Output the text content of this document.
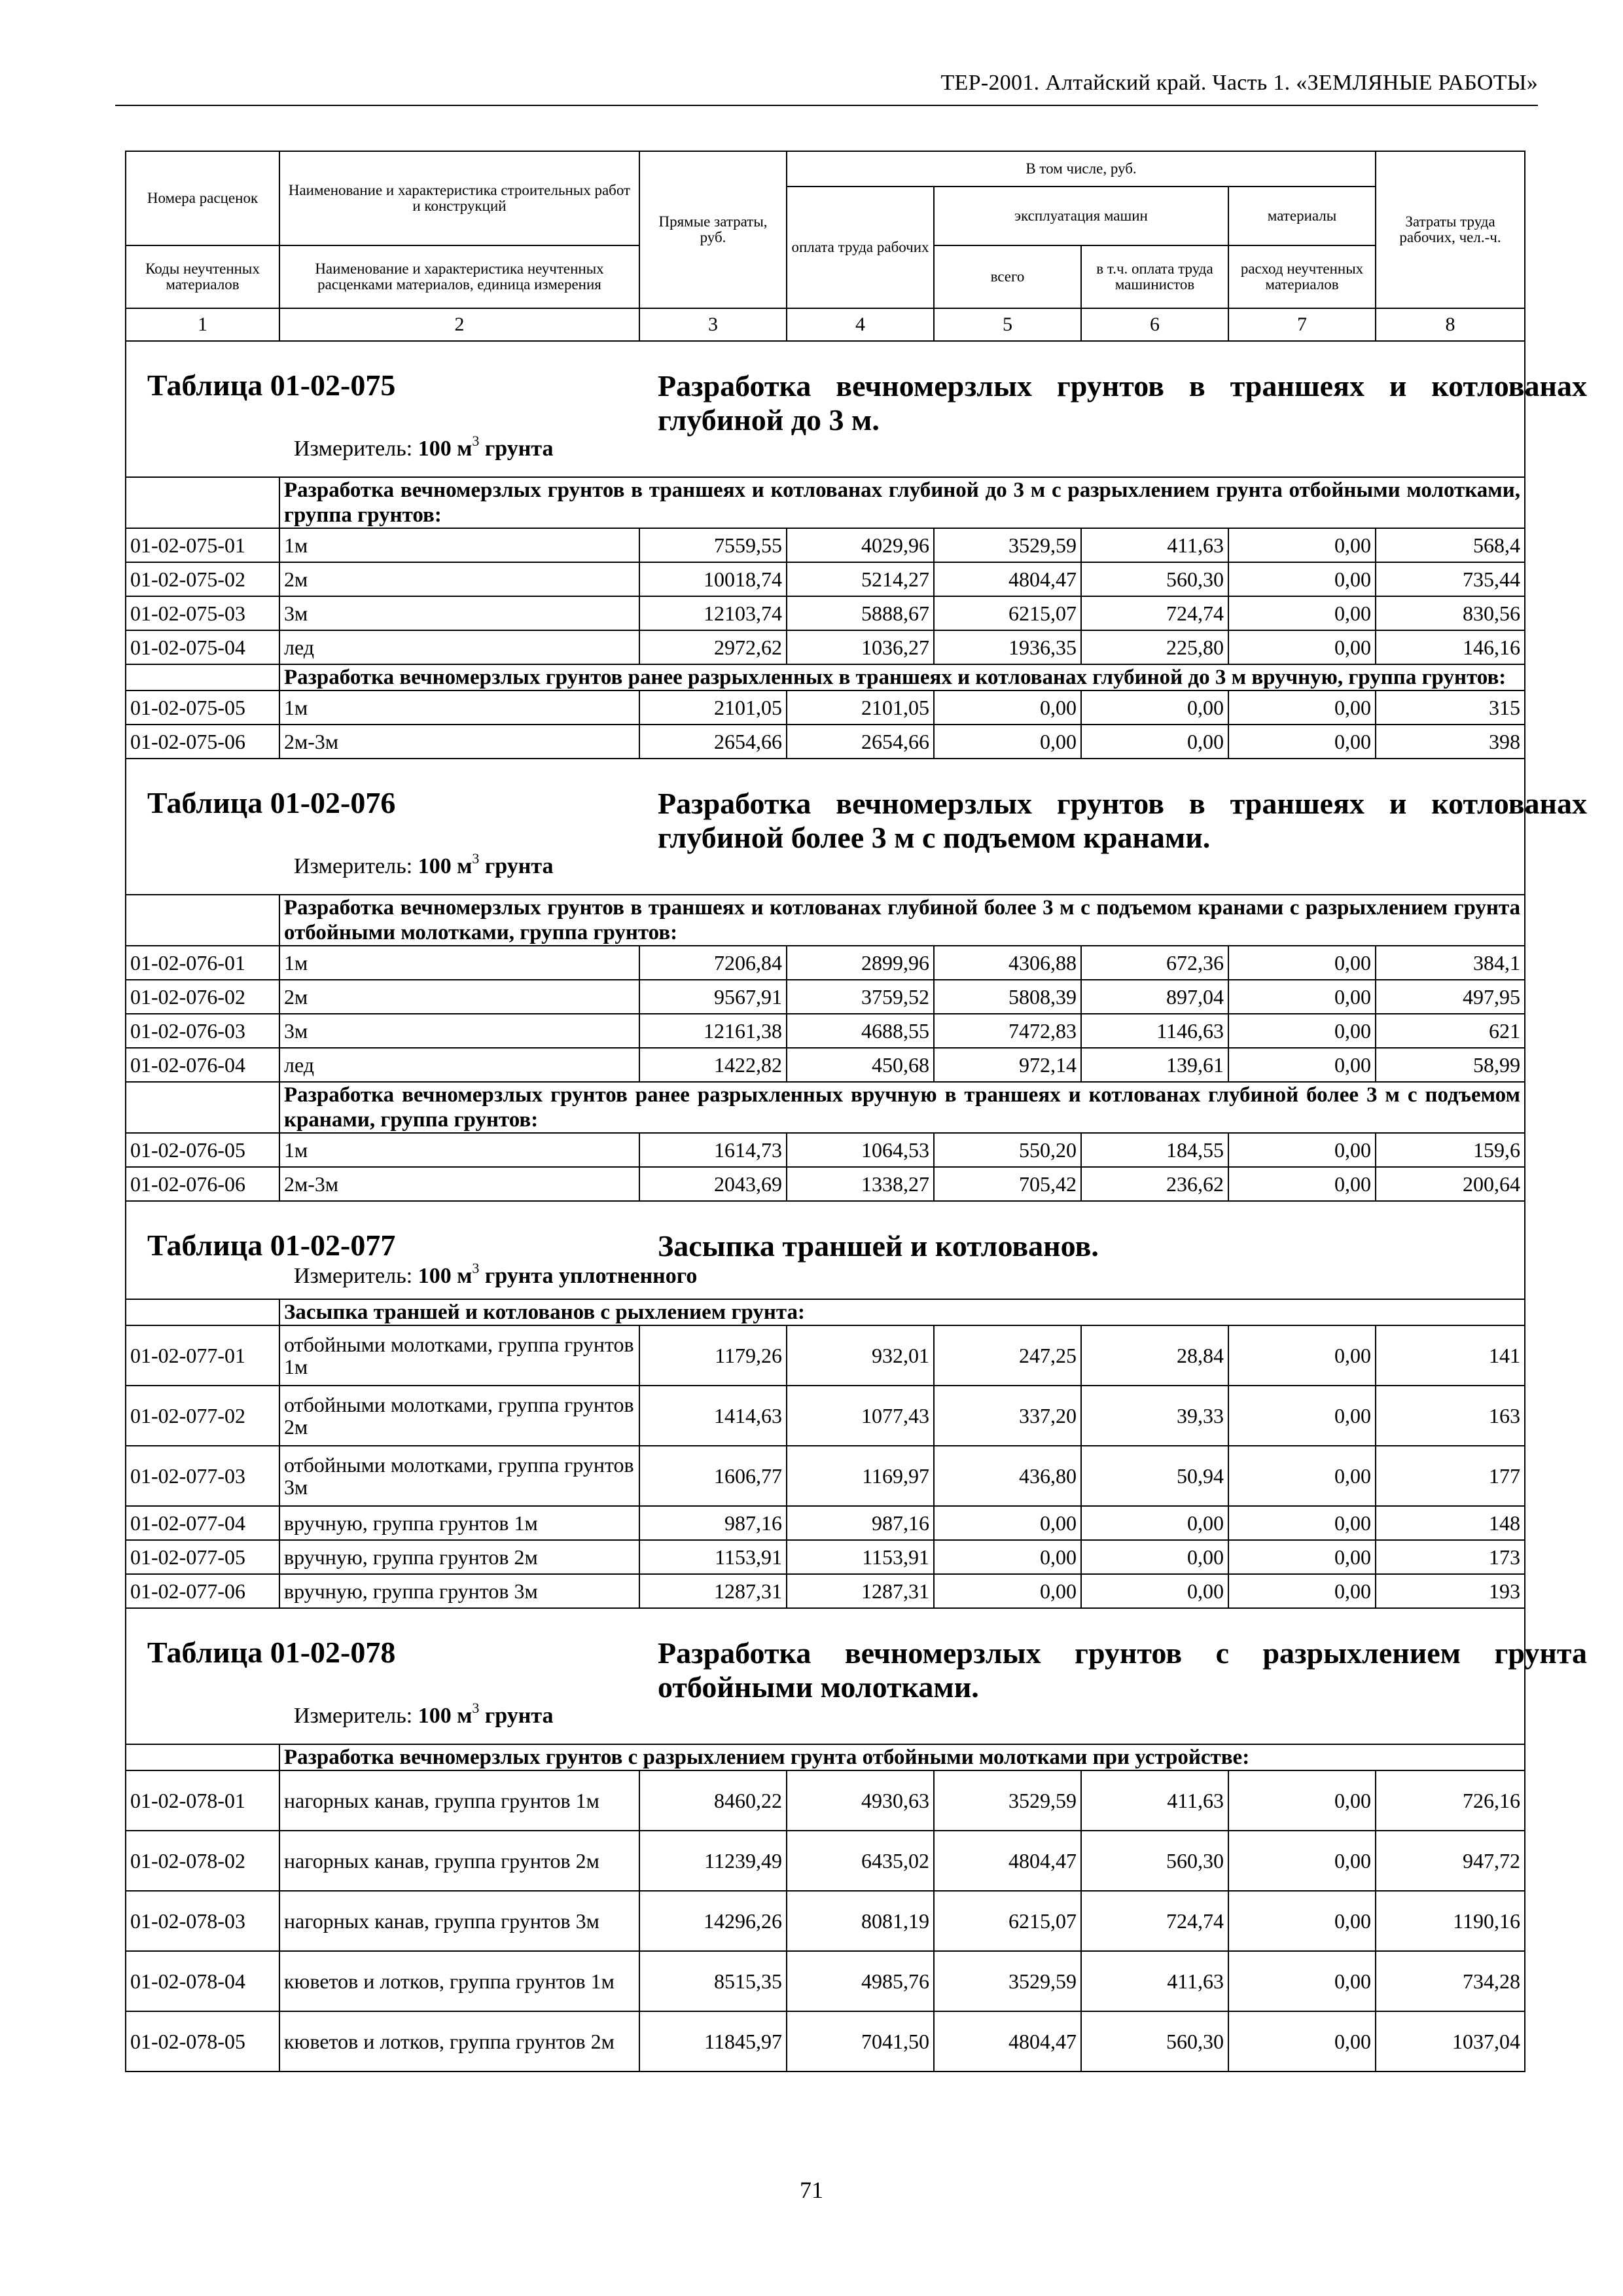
ТЕР-2001. Алтайский край. Часть 1. «ЗЕМЛЯНЫЕ РАБОТЫ»
Номера расценок	Наименование и характеристика строительных работ и конструкций	Прямые затраты, руб.	В том числе, руб.				Затраты труда рабочих, чел.-ч.
			оплата труда рабочих	эксплуатация машин		материалы	
Коды неучтенных материалов	Наименование и характеристика неучтенных расценками материалов, единица измерения			всего	в т.ч. оплата труда машинистов	расход неучтенных материалов	
1	2	3	4	5	6	7	8

Таблица 01-02-075 Разработка вечномерзлых грунтов в траншеях и котлованах глубиной до 3 м.
Измеритель: 100 $м^3$ грунта							

	Разработка вечномерзлых грунтов в траншеях и котлованах глубиной до 3 м с разрыхлением грунта отбойными молотками, группа грунтов:						
01-02-075-01	1м	7559,55	4029,96	3529,59	411,63	0,00	568,4
01-02-075-02	2м	10018,74	5214,27	4804,47	560,30	0,00	735,44
01-02-075-03	3м	12103,74	5888,67	6215,07	724,74	0,00	830,56
01-02-075-04	лед	2972,62	1036,27	1936,35	225,80	0,00	146,16
	Разработка вечномерзлых грунтов ранее разрыхленных в траншеях и котлованах глубиной до 3 м вручную, группа грунтов:						
01-02-075-05	1м	2101,05	2101,05	0,00	0,00	0,00	315
01-02-075-06	2м-3м	2654,66	2654,66	0,00	0,00	0,00	398

Таблица 01-02-076 Разработка вечномерзлых грунтов в траншеях и котлованах глубиной более 3 м с подъемом кранами.
Измеритель: 100 $м^3$ грунта							

	Разработка вечномерзлых грунтов в траншеях и котлованах глубиной более 3 м с подъемом кранами с разрыхлением грунта отбойными молотками, группа грунтов:						
01-02-076-01	1м	7206,84	2899,96	4306,88	672,36	0,00	384,1
01-02-076-02	2м	9567,91	3759,52	5808,39	897,04	0,00	497,95
01-02-076-03	3м	12161,38	4688,55	7472,83	1146,63	0,00	621
01-02-076-04	лед	1422,82	450,68	972,14	139,61	0,00	58,99
	Разработка вечномерзлых грунтов ранее разрыхленных вручную в траншеях и котлованах глубиной более 3 м с подъемом кранами, группа грунтов:						
01-02-076-05	1м	1614,73	1064,53	550,20	184,55	0,00	159,6
01-02-076-06	2м-3м	2043,69	1338,27	705,42	236,62	0,00	200,64

Таблица 01-02-077 Засыпка траншей и котлованов.
Измеритель: 100 $м^3$ грунта уплотненного							

	Засыпка траншей и котлованов с рыхлением грунта:						
01-02-077-01	отбойными молотками, группа грунтов 1м	1179,26	932,01	247,25	28,84	0,00	141
01-02-077-02	отбойными молотками, группа грунтов 2м	1414,63	1077,43	337,20	39,33	0,00	163
01-02-077-03	отбойными молотками, группа грунтов 3м	1606,77	1169,97	436,80	50,94	0,00	177
01-02-077-04	вручную, группа грунтов 1м	987,16	987,16	0,00	0,00	0,00	148
01-02-077-05	вручную, группа грунтов 2м	1153,91	1153,91	0,00	0,00	0,00	173
01-02-077-06	вручную, группа грунтов 3м	1287,31	1287,31	0,00	0,00	0,00	193

Таблица 01-02-078 Разработка вечномерзлых грунтов с разрыхлением грунта отбойными молотками.
Измеритель: 100 $м^3$ грунта							

	Разработка вечномерзлых грунтов с разрыхлением грунта отбойными молотками при устройстве:						
01-02-078-01	нагорных канав, группа грунтов 1м	8460,22	4930,63	3529,59	411,63	0,00	726,16
01-02-078-02	нагорных канав, группа грунтов 2м	11239,49	6435,02	4804,47	560,30	0,00	947,72
01-02-078-03	нагорных канав, группа грунтов 3м	14296,26	8081,19	6215,07	724,74	0,00	1190,16
01-02-078-04	кюветов и лотков, группа грунтов 1м	8515,35	4985,76	3529,59	411,63	0,00	734,28
01-02-078-05	кюветов и лотков, группа грунтов 2м	11845,97	7041,50	4804,47	560,30	0,00	1037,04
71
